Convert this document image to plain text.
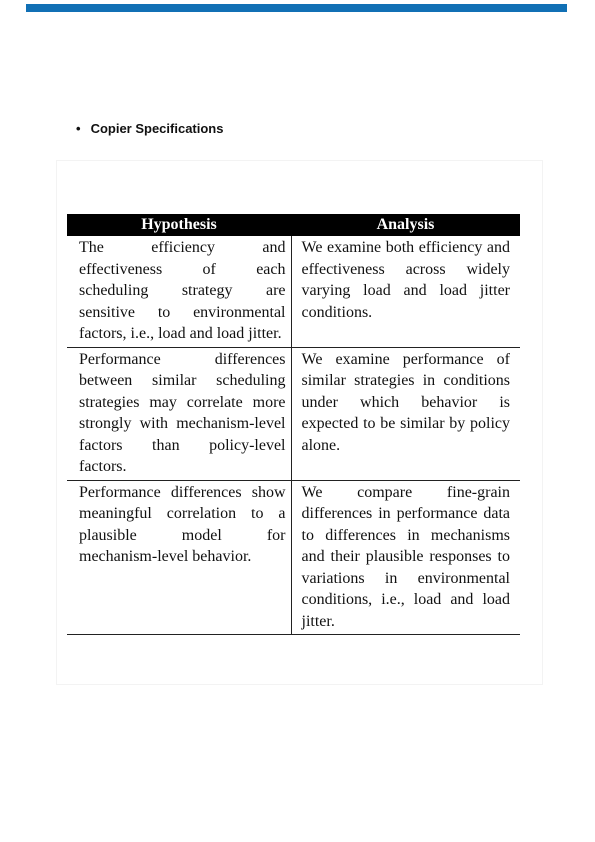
• Copier Specifications
Hypothesis	Analysis
The efficiency and effectiveness of each scheduling strategy are sensitive to environmental factors, i.e., load and load jitter.	We examine both efficiency and effectiveness across widely varying load and load jitter conditions.
Performance differences between similar scheduling strategies may correlate more strongly with mechanism-level factors than policy-level factors.	We examine performance of similar strategies in conditions under which behavior is expected to be similar by policy alone.
Performance differences show meaningful correlation to a plausible model for mechanism-level behavior.	We compare fine-grain differences in performance data to differences in mechanisms and their plausible responses to variations in environmental conditions, i.e., load and load jitter.
